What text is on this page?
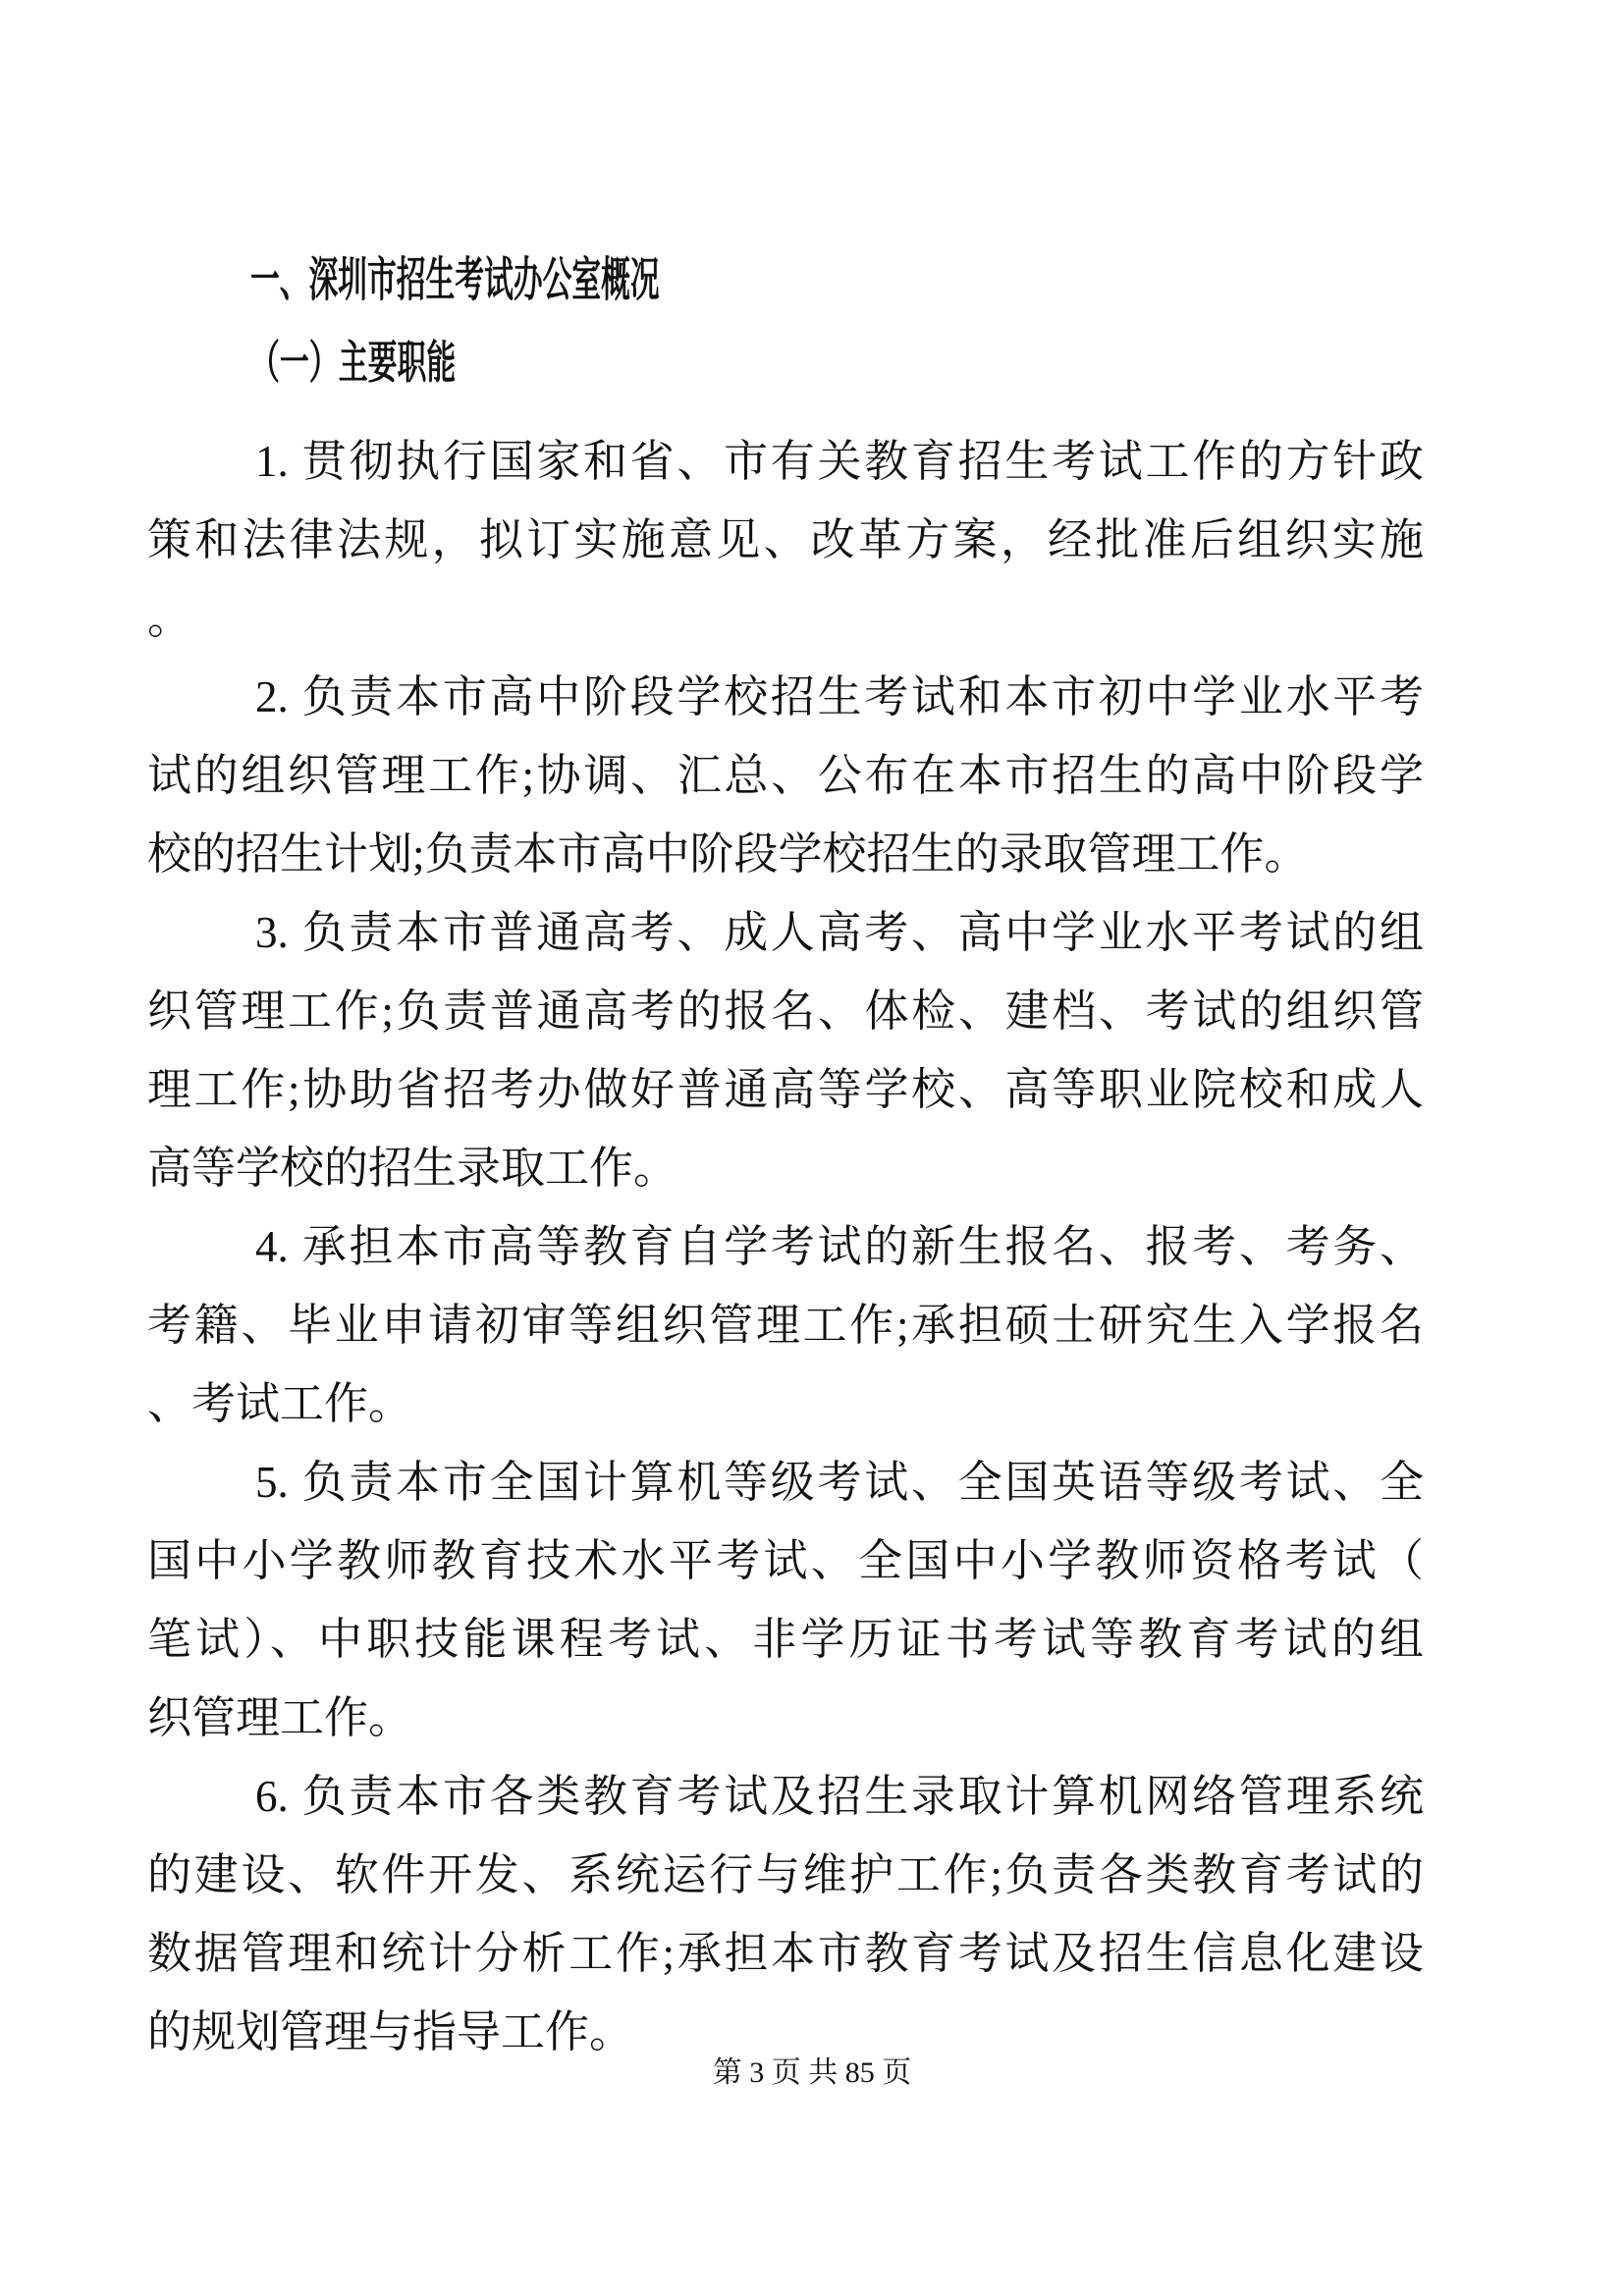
一、深圳市招生考试办公室概况
（一）主要职能
1. 贯彻执行国家和省、市有关教育招生考试工作的方针政
策和法律法规，拟订实施意见、改革方案，经批准后组织实施
。
2. 负责本市高中阶段学校招生考试和本市初中学业水平考
试的组织管理工作;协调、汇总、公布在本市招生的高中阶段学
校的招生计划;负责本市高中阶段学校招生的录取管理工作。
3. 负责本市普通高考、成人高考、高中学业水平考试的组
织管理工作;负责普通高考的报名、体检、建档、考试的组织管
理工作;协助省招考办做好普通高等学校、高等职业院校和成人
高等学校的招生录取工作。
4. 承担本市高等教育自学考试的新生报名、报考、考务、
考籍、毕业申请初审等组织管理工作;承担硕士研究生入学报名
、考试工作。
5. 负责本市全国计算机等级考试、全国英语等级考试、全
国中小学教师教育技术水平考试、全国中小学教师资格考试（
笔试）、中职技能课程考试、非学历证书考试等教育考试的组
织管理工作。
6. 负责本市各类教育考试及招生录取计算机网络管理系统
的建设、软件开发、系统运行与维护工作;负责各类教育考试的
数据管理和统计分析工作;承担本市教育考试及招生信息化建设
的规划管理与指导工作。
第 3 页 共 85 页
